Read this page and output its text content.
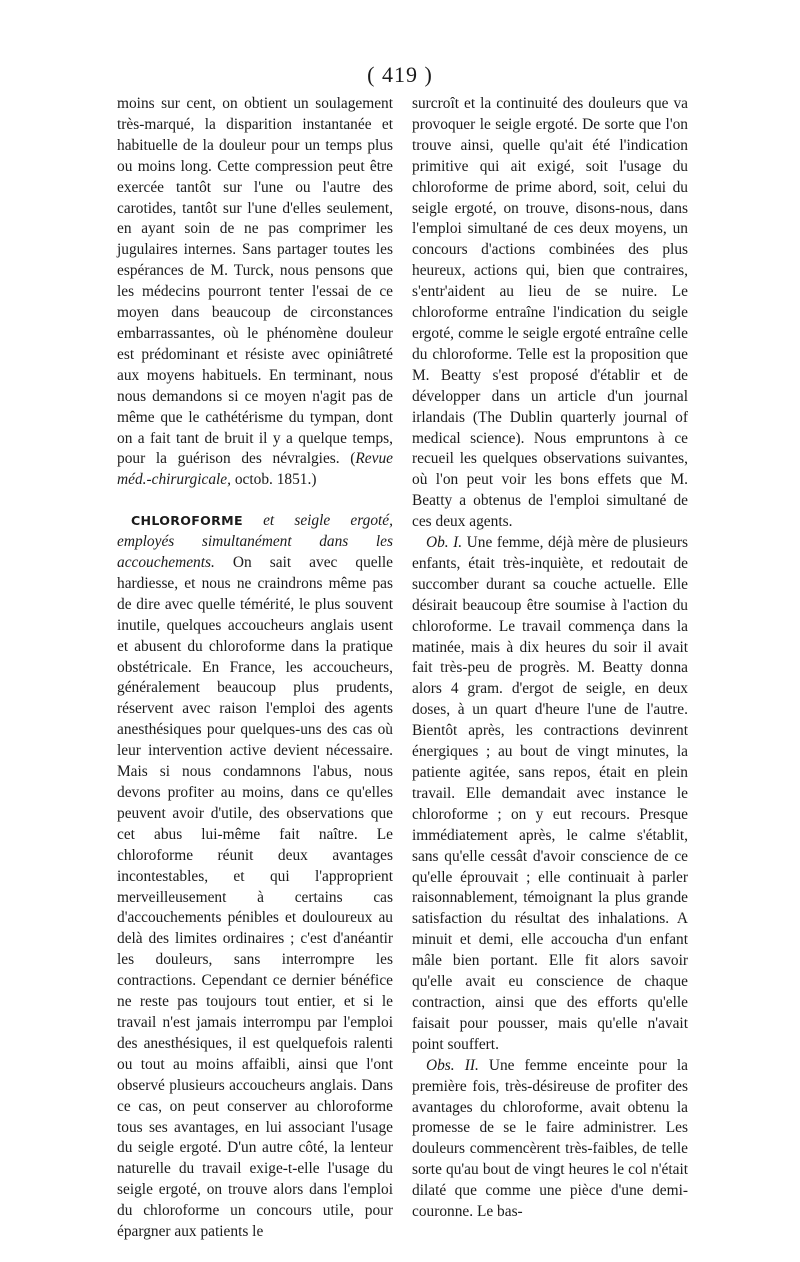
( 419 )

moins sur cent, on obtient un soulagement très-marqué, la disparition instantanée et habituelle de la douleur pour un temps plus ou moins long. Cette compression peut être exercée tantôt sur l'une ou l'autre des carotides, tantôt sur l'une d'elles seulement, en ayant soin de ne pas comprimer les jugulaires internes. Sans partager toutes les espérances de M. Turck, nous pensons que les médecins pourront tenter l'essai de ce moyen dans beaucoup de circonstances embarrassantes, où le phénomène douleur est prédominant et résiste avec opiniâtreté aux moyens habituels. En terminant, nous nous demandons si ce moyen n'agit pas de même que le cathétérisme du tympan, dont on a fait tant de bruit il y a quelque temps, pour la guérison des névralgies. (Revue méd.-chirurgicale, octob. 1851.)

CHLOROFORME et seigle ergoté, employés simultanément dans les accouchements. On sait avec quelle hardiesse, et nous ne craindrons même pas de dire avec quelle témérité, le plus souvent inutile, quelques accoucheurs anglais usent et abusent du chloroforme dans la pratique obstétricale. En France, les accoucheurs, généralement beaucoup plus prudents, réservent avec raison l'emploi des agents anesthésiques pour quelques-uns des cas où leur intervention active devient nécessaire. Mais si nous condamnons l'abus, nous devons profiter au moins, dans ce qu'elles peuvent avoir d'utile, des observations que cet abus lui-même fait naître. Le chloroforme réunit deux avantages incontestables, et qui l'approprient merveilleusement à certains cas d'accouchements pénibles et douloureux au delà des limites ordinaires ; c'est d'anéantir les douleurs, sans interrompre les contractions. Cependant ce dernier bénéfice ne reste pas toujours tout entier, et si le travail n'est jamais interrompu par l'emploi des anesthésiques, il est quelquefois ralenti ou tout au moins affaibli, ainsi que l'ont observé plusieurs accoucheurs anglais. Dans ce cas, on peut conserver au chloroforme tous ses avantages, en lui associant l'usage du seigle ergoté. D'un autre côté, la lenteur naturelle du travail exige-t-elle l'usage du seigle ergoté, on trouve alors dans l'emploi du chloroforme un concours utile, pour épargner aux patients le

surcroît et la continuité des douleurs que va provoquer le seigle ergoté. De sorte que l'on trouve ainsi, quelle qu'ait été l'indication primitive qui ait exigé, soit l'usage du chloroforme de prime abord, soit, celui du seigle ergoté, on trouve, disons-nous, dans l'emploi simultané de ces deux moyens, un concours d'actions combinées des plus heureux, actions qui, bien que contraires, s'entr'aident au lieu de se nuire. Le chloroforme entraîne l'indication du seigle ergoté, comme le seigle ergoté entraîne celle du chloroforme. Telle est la proposition que M. Beatty s'est proposé d'établir et de développer dans un article d'un journal irlandais (The Dublin quarterly journal of medical science). Nous empruntons à ce recueil les quelques observations suivantes, où l'on peut voir les bons effets que M. Beatty a obtenus de l'emploi simultané de ces deux agents.

Ob. I. Une femme, déjà mère de plusieurs enfants, était très-inquiète, et redoutait de succomber durant sa couche actuelle. Elle désirait beaucoup être soumise à l'action du chloroforme. Le travail commença dans la matinée, mais à dix heures du soir il avait fait très-peu de progrès. M. Beatty donna alors 4 gram. d'ergot de seigle, en deux doses, à un quart d'heure l'une de l'autre. Bientôt après, les contractions devinrent énergiques ; au bout de vingt minutes, la patiente agitée, sans repos, était en plein travail. Elle demandait avec instance le chloroforme ; on y eut recours. Presque immédiatement après, le calme s'établit, sans qu'elle cessât d'avoir conscience de ce qu'elle éprouvait ; elle continuait à parler raisonnablement, témoignant la plus grande satisfaction du résultat des inhalations. A minuit et demi, elle accoucha d'un enfant mâle bien portant. Elle fit alors savoir qu'elle avait eu conscience de chaque contraction, ainsi que des efforts qu'elle faisait pour pousser, mais qu'elle n'avait point souffert.

Obs. II. Une femme enceinte pour la première fois, très-désireuse de profiter des avantages du chloroforme, avait obtenu la promesse de se le faire administrer. Les douleurs commencèrent très-faibles, de telle sorte qu'au bout de vingt heures le col n'était dilaté que comme une pièce d'une demi-couronne. Le bas-
